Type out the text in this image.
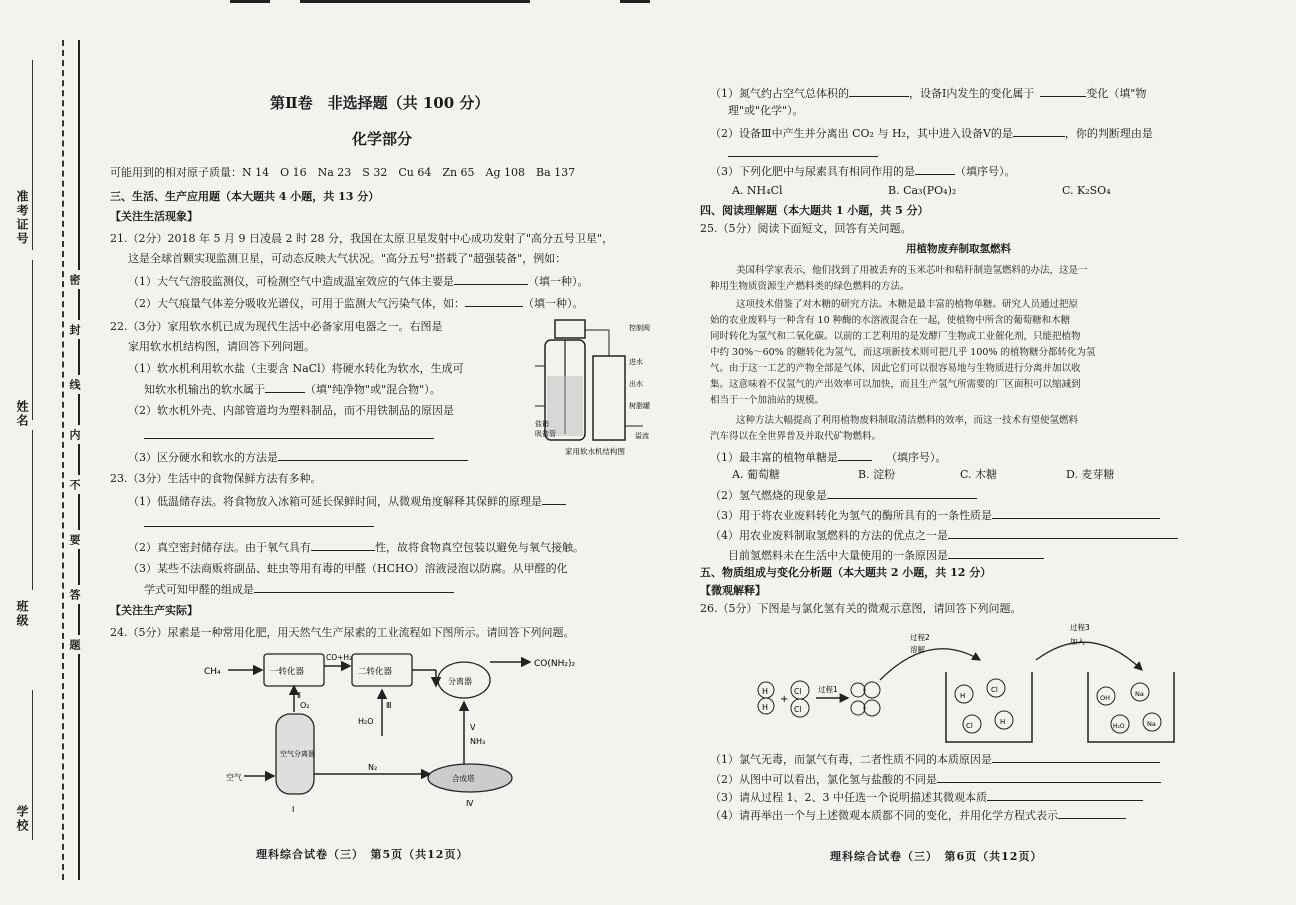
准考证号
姓名
班级
学校
密
封
线
内
不
要
答
题
第Ⅱ卷　非选择题（共 100 分）
化学部分
可能用到的相对原子质量：N 14　O 16　Na 23　S 32　Cu 64　Zn 65　Ag 108　Ba 137
三、生活、生产应用题（本大题共 4 小题，共 13 分）
【关注生活现象】
21.（2分）2018 年 5 月 9 日凌晨 2 时 28 分，我国在太原卫星发射中心成功发射了"高分五号卫星"，
这是全球首颗实现监测卫星，可动态反映大气状况。"高分五号"搭载了"超强装备"，例如：
（1）大气气溶胶监测仪，可检测空气中造成温室效应的气体主要是	（填一种）。
（2）大气痕量气体差分吸收光谱仪，可用于监测大气污染气体，如：	（填一种）。
22.（3分）家用软水机已成为现代生活中必备家用电器之一。右图是
家用软水机结构图，请回答下列问题。
（1）软水机利用软水盐（主要含 NaCl）将硬水转化为软水，生成可
知软水机输出的软水属于	（填"纯净物"或"混合物"）。
（2）软水机外壳、内部管道均为塑料制品，而不用铁制品的原因是
（3）区分硬水和软水的方法是
控制阀
进水
出水
树脂罐
盐箱
吸盐管	溢流
家用软水机结构图
23.（3分）生活中的食物保鲜方法有多种。
（1）低温储存法。将食物放入冰箱可延长保鲜时间，从微观角度解释其保鲜的原理是
（2）真空密封储存法。由于氧气具有	性，故将食物真空包装以避免与氧气接触。
（3）某些不法商贩将副品、蛀虫等用有毒的甲醛（HCHO）溶液浸泡以防腐。从甲醛的化
学式可知甲醛的组成是
【关注生产实际】
24.（5分）尿素是一种常用化肥，用天然气生产尿素的工业流程如下图所示。请回答下列问题。
CH₄	一转化器
CO+H₂
二转化器
分离器
CO(NH₂)₂
O₂
Ⅱ
H₂O
Ⅲ
NH₃
Ⅴ
空气分离器
Ⅰ
空气
N₂
合成塔
Ⅳ
理科综合试卷（三）　第5页（共12页）
（1）氮气约占空气总体积的	，设备Ⅰ内发生的变化属于	变化（填"物
理"或"化学"）。
（2）设备Ⅲ中产生并分离出 CO₂ 与 H₂，其中进入设备Ⅴ的是	，你的判断理由是
（3）下列化肥中与尿素具有相同作用的是	（填序号）。
A. NH₄Cl	B. Ca₃(PO₄)₂	C. K₂SO₄
四、阅读理解题（本大题共 1 小题，共 5 分）
25.（5分）阅读下面短文，回答有关问题。
用植物废弃制取氢燃料
美国科学家表示，他们找到了用被丢弃的玉米芯叶和秸秆制造氢燃料的办法，这是一
种用生物质资源生产燃料类的绿色燃料的方法。
这项技术借鉴了对木糖的研究方法。木糖是最丰富的植物单糖。研究人员通过把原
始的农业废料与一种含有 10 种酶的水溶液混合在一起，使植物中所含的葡萄糖和木糖
同时转化为氢气和二氧化碳。以前的工艺利用的是发酵厂生物或工业催化剂，只能把植物
中约 30%～60% 的糖转化为氢气，而这项新技术则可把几乎 100% 的植物糖分都转化为氢
气。由于这一工艺的产物全部是气体，因此它们可以很容易地与生物质进行分离并加以收
集。这意味着不仅氢气的产出效率可以加快，而且生产氢气所需要的厂区面积可以缩减到
相当于一个加油站的规模。
这种方法大幅提高了利用植物废料制取清洁燃料的效率，而这一技术有望使氢燃料
汽车得以在全世界普及并取代矿物燃料。
（1）最丰富的植物单糖是	（填序号）。
A. 葡萄糖	B. 淀粉	C. 木糖	D. 麦芽糖
（2）氢气燃烧的现象是
（3）用于将农业废料转化为氢气的酶所具有的一条性质是
（4）用农业废料制取氢燃料的方法的优点之一是
目前氢燃料未在生活中大量使用的一条原因是
五、物质组成与变化分析题（本大题共 2 小题，共 12 分）
【微观解释】
26.（5分）下图是与氯化氢有关的微观示意图，请回答下列问题。
H
H
+
Cl
Cl
过程1
过程2
溶解
H
Cl
Cl	H
过程3
加入
OH	Na
H₂O	Na
（1）氯气无毒，而氯气有毒，二者性质不同的本质原因是
（2）从图中可以看出，氯化氢与盐酸的不同是
（3）请从过程 1、2、3 中任选一个说明描述其微观本质
（4）请再举出一个与上述微观本质都不同的变化，并用化学方程式表示
理科综合试卷（三）　第6页（共12页）
